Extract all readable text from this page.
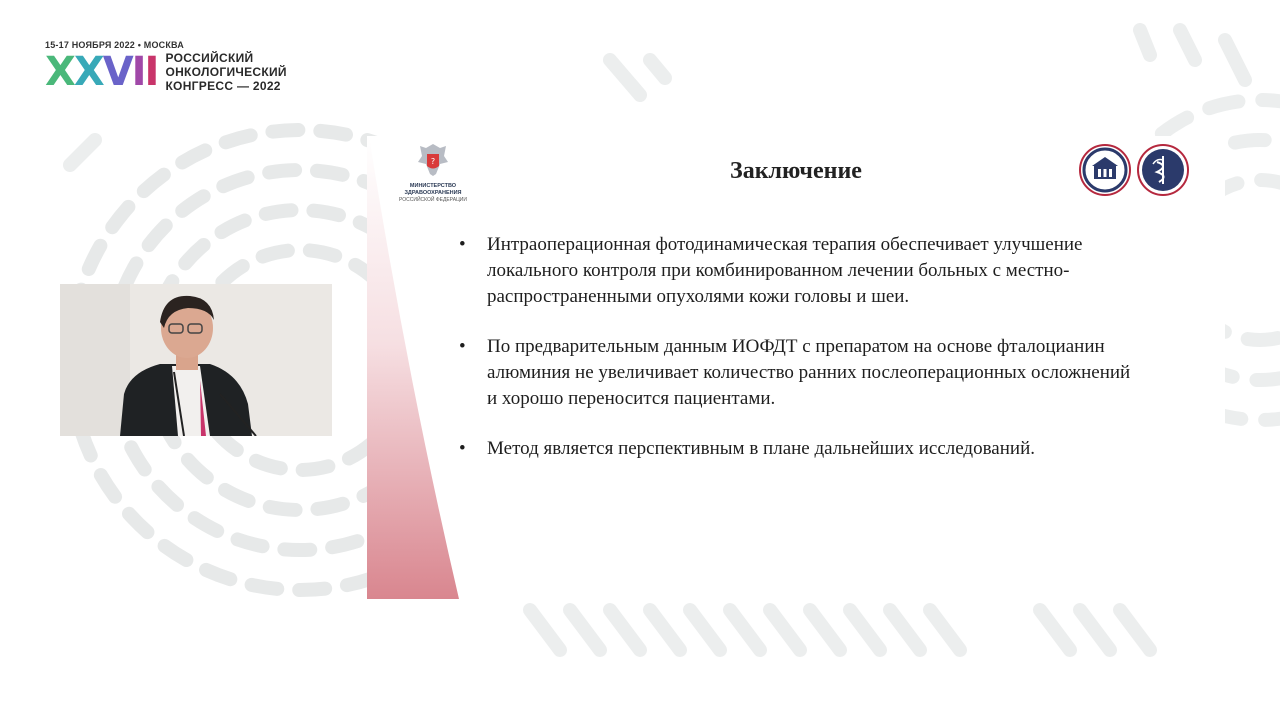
15-17 НОЯБРЯ 2022 • МОСКВА
XXVII РОССИЙСКИЙ
ОНКОЛОГИЧЕСКИЙ
КОНГРЕСС — 2022
?
МИНИСТЕРСТВО
ЗДРАВООХРАНЕНИЯ
РОССИЙСКОЙ ФЕДЕРАЦИИ
Заключение
• Интраоперационная фотодинамическая терапия обеспечивает улучшение локального контроля при комбинированном лечении больных с местно-распространенными опухолями кожи головы и шеи.
• По предварительным данным ИОФДТ с препаратом на основе фталоцианин алюминия не увеличивает количество ранних послеоперационных осложнений и хорошо переносится пациентами.
• Метод является перспективным в плане дальнейших исследований.
